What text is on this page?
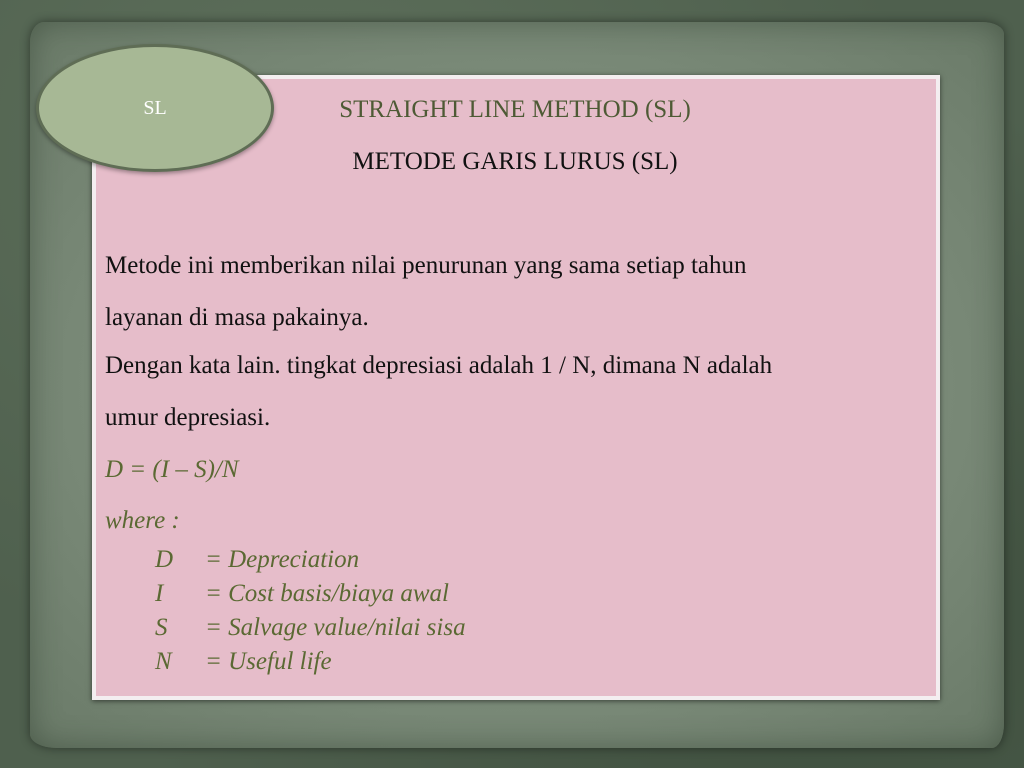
SL	STRAIGHT LINE METHOD (SL)
METODE GARIS LURUS (SL)
Metode ini memberikan nilai penurunan yang sama setiap tahun
layanan di masa pakainya.
Dengan kata lain. tingkat depresiasi adalah 1 / N, dimana N adalah
umur depresiasi.
D = (I – S)/N
where :
D = Depreciation
I = Cost basis/biaya awal
S = Salvage value/nilai sisa
N = Useful life
